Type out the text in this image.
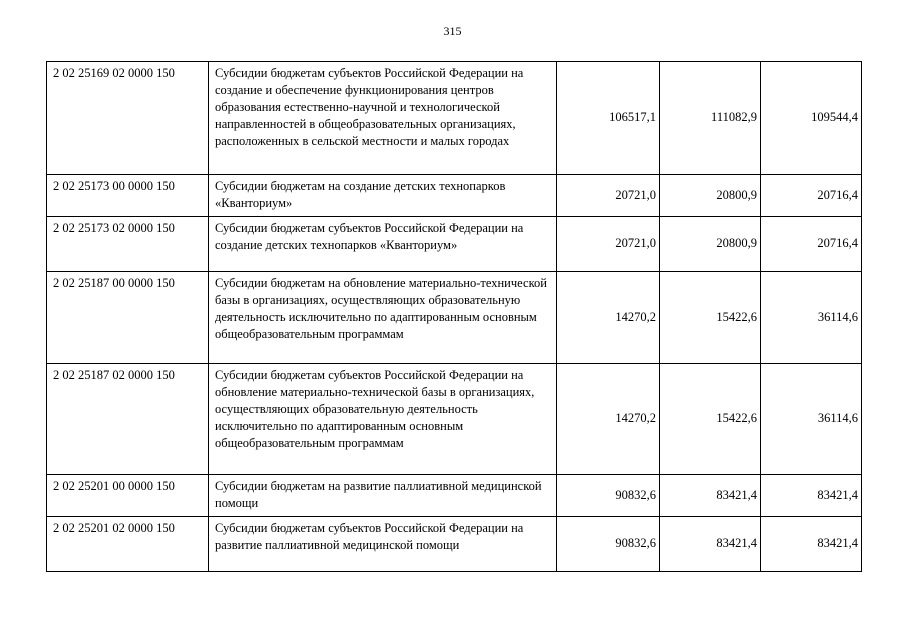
315
2 02 25169 02 0000 150	Субсидии бюджетам субъектов Российской Федерации на создание и обеспечение функционирования центров образования естественно-научной и технологической направленностей в общеобразовательных организациях, расположенных в сельской местности и малых городах	106517,1	111082,9	109544,4
2 02 25173 00 0000 150	Субсидии бюджетам на создание детских технопарков «Кванториум»	20721,0	20800,9	20716,4
2 02 25173 02 0000 150	Субсидии бюджетам субъектов Российской Федерации на создание детских технопарков «Кванториум»	20721,0	20800,9	20716,4
2 02 25187 00 0000 150	Субсидии бюджетам на обновление материально-технической базы в организациях, осуществляющих образовательную деятельность исключительно по адаптированным основным общеобразовательным программам	14270,2	15422,6	36114,6
2 02 25187 02 0000 150	Субсидии бюджетам субъектов Российской Федерации на обновление материально-технической базы в организациях, осуществляющих образовательную деятельность исключительно по адаптированным основным общеобразовательным программам	14270,2	15422,6	36114,6
2 02 25201 00 0000 150	Субсидии бюджетам на развитие паллиативной медицинской помощи	90832,6	83421,4	83421,4
2 02 25201 02 0000 150	Субсидии бюджетам субъектов Российской Федерации на развитие паллиативной медицинской помощи	90832,6	83421,4	83421,4
